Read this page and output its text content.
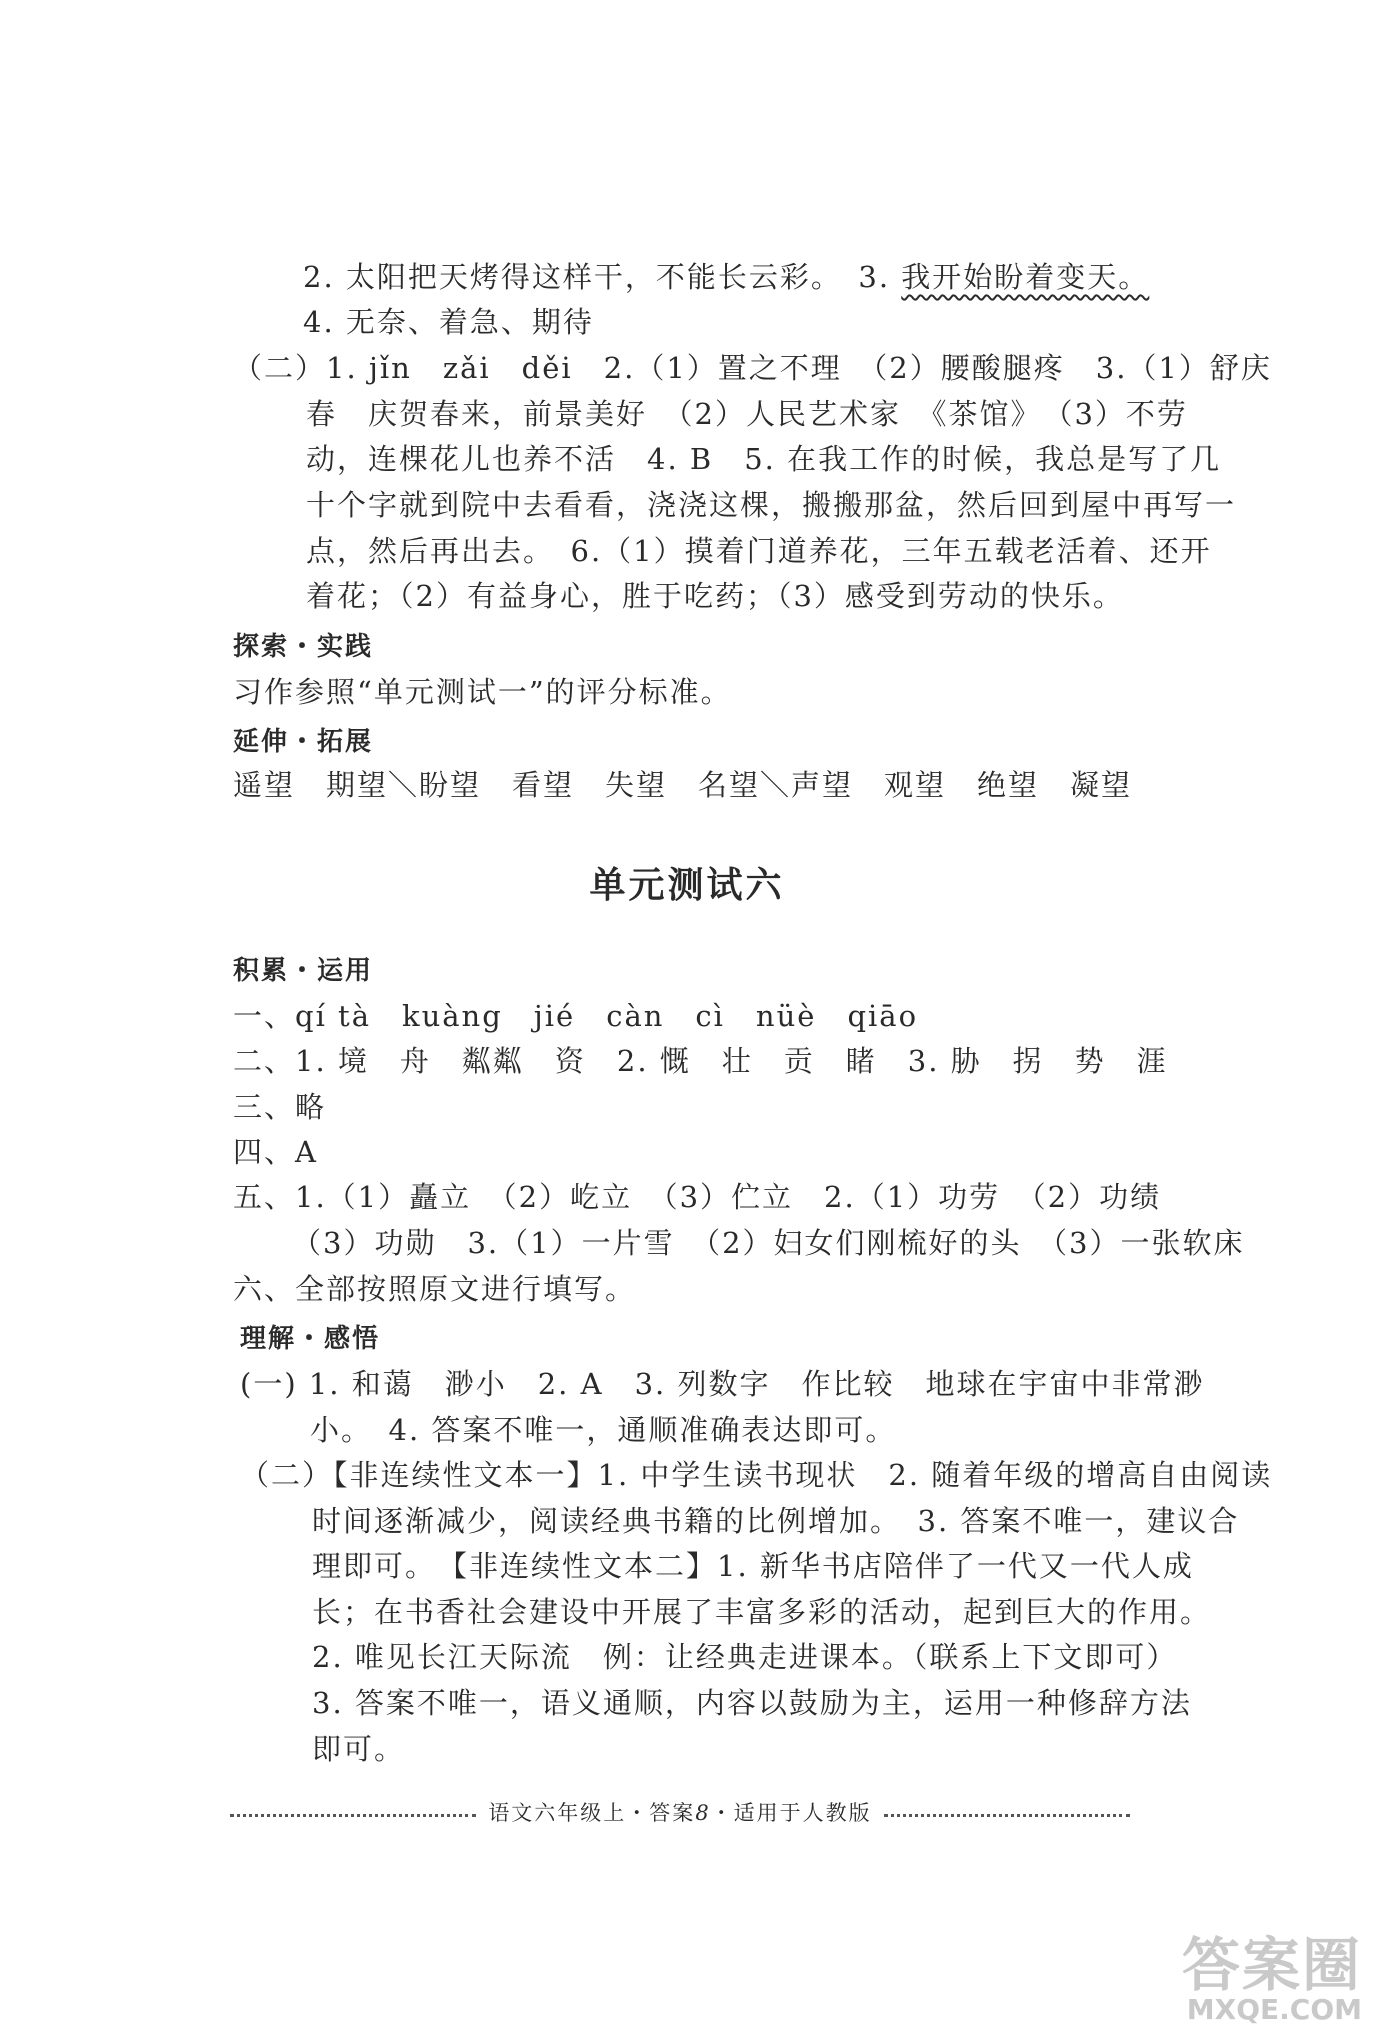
2. 太阳把天烤得这样干，不能长云彩。　3. 我开始盼着变天。
4. 无奈、着急、期待
（二）1. jǐn　zǎi　děi　2.（1）置之不理　（2）腰酸腿疼　3.（1）舒庆
春　庆贺春来，前景美好　（2）人民艺术家　《茶馆》　（3）不劳
动，连棵花儿也养不活　4. B　5. 在我工作的时候，我总是写了几
十个字就到院中去看看，浇浇这棵，搬搬那盆，然后回到屋中再写一
点，然后再出去。　6.（1）摸着门道养花，三年五载老活着、还开
着花；（2）有益身心，胜于吃药；（3）感受到劳动的快乐。
探索・实践
习作参照“单元测试一”的评分标准。
延伸・拓展
遥望　期望＼盼望　看望　失望　名望＼声望　观望　绝望　凝望
单元测试六
积累・运用
一、qí tà　kuàng　jié　càn　cì　nüè　qiāo
二、1. 境　舟　粼粼　资　2. 慨　壮　贡　睹　3. 胁　拐　势　涯
三、略
四、A
五、1.（1）矗立　（2）屹立　（3）伫立　2.（1）功劳　（2）功绩
（3）功勋　3.（1）一片雪　（2）妇女们刚梳好的头　（3）一张软床
六、全部按照原文进行填写。
理解・感悟
(一) 1. 和蔼　渺小　2. A　3. 列数字　作比较　地球在宇宙中非常渺
小。　4. 答案不唯一，通顺准确表达即可。
（二）【非连续性文本一】1. 中学生读书现状　2. 随着年级的增高自由阅读
时间逐渐减少，阅读经典书籍的比例增加。　3. 答案不唯一，建议合
理即可。　【非连续性文本二】1. 新华书店陪伴了一代又一代人成
长；在书香社会建设中开展了丰富多彩的活动，起到巨大的作用。
2. 唯见长江天际流　例：让经典走进课本。（联系上下文即可）
3. 答案不唯一，语义通顺，内容以鼓励为主，运用一种修辞方法
即可。
语文六年级上・答案8・适用于人教版
答案圈
MXQE.COM
